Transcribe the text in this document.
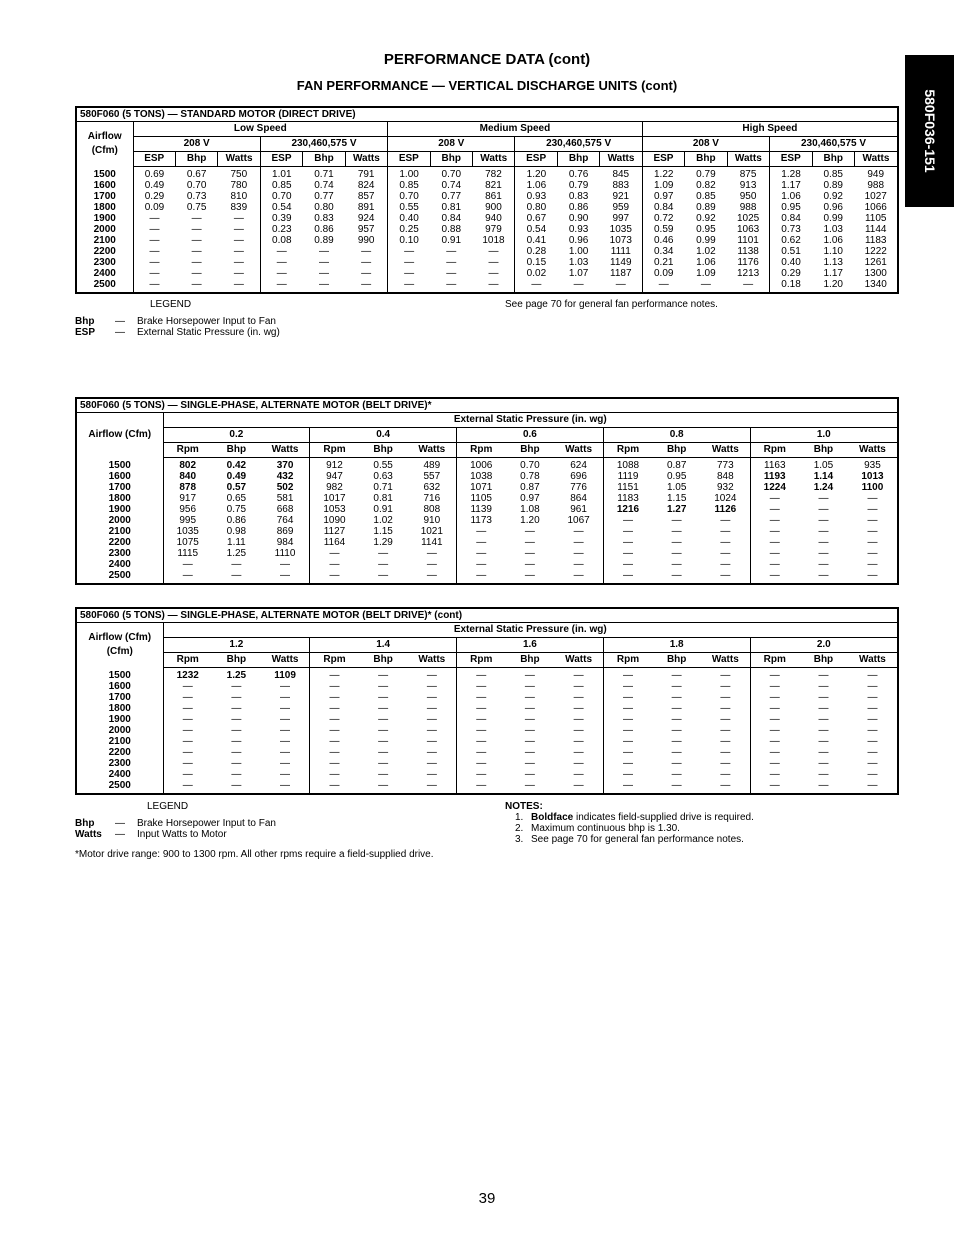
PERFORMANCE DATA (cont)
FAN PERFORMANCE — VERTICAL DISCHARGE UNITS (cont)
580F036-151
580F060 (5 TONS) — STANDARD MOTOR (DIRECT DRIVE)
Airflow (Cfm)	Low Speed						Medium Speed						High Speed					
	208 V			230,460,575 V			208 V			230,460,575 V			208 V			230,460,575 V		
	ESP	Bhp	Watts	ESP	Bhp	Watts	ESP	Bhp	Watts	ESP	Bhp	Watts	ESP	Bhp	Watts	ESP	Bhp	Watts
1500	0.69	0.67	750	1.01	0.71	791	1.00	0.70	782	1.20	0.76	845	1.22	0.79	875	1.28	0.85	949
1600	0.49	0.70	780	0.85	0.74	824	0.85	0.74	821	1.06	0.79	883	1.09	0.82	913	1.17	0.89	988
1700	0.29	0.73	810	0.70	0.77	857	0.70	0.77	861	0.93	0.83	921	0.97	0.85	950	1.06	0.92	1027
1800	0.09	0.75	839	0.54	0.80	891	0.55	0.81	900	0.80	0.86	959	0.84	0.89	988	0.95	0.96	1066
1900	—	—	—	0.39	0.83	924	0.40	0.84	940	0.67	0.90	997	0.72	0.92	1025	0.84	0.99	1105
2000	—	—	—	0.23	0.86	957	0.25	0.88	979	0.54	0.93	1035	0.59	0.95	1063	0.73	1.03	1144
2100	—	—	—	0.08	0.89	990	0.10	0.91	1018	0.41	0.96	1073	0.46	0.99	1101	0.62	1.06	1183
2200	—	—	—	—	—	—	—	—	—	0.28	1.00	1111	0.34	1.02	1138	0.51	1.10	1222
2300	—	—	—	—	—	—	—	—	—	0.15	1.03	1149	0.21	1.06	1176	0.40	1.13	1261
2400	—	—	—	—	—	—	—	—	—	0.02	1.07	1187	0.09	1.09	1213	0.29	1.17	1300
2500	—	—	—	—	—	—	—	—	—	—	—	—	—	—	—	0.18	1.20	1340
LEGEND
Bhp — Brake Horsepower Input to Fan
ESP — External Static Pressure (in. wg)
See page 70 for general fan performance notes.
580F060 (5 TONS) — SINGLE-PHASE, ALTERNATE MOTOR (BELT DRIVE)*
Airflow (Cfm)	External Static Pressure (in. wg)														
	0.2			0.4			0.6			0.8			1.0		
	Rpm	Bhp	Watts	Rpm	Bhp	Watts	Rpm	Bhp	Watts	Rpm	Bhp	Watts	Rpm	Bhp	Watts
1500	802	0.42	370	912	0.55	489	1006	0.70	624	1088	0.87	773	1163	1.05	935
1600	840	0.49	432	947	0.63	557	1038	0.78	696	1119	0.95	848	1193	1.14	1013
1700	878	0.57	502	982	0.71	632	1071	0.87	776	1151	1.05	932	1224	1.24	1100
1800	917	0.65	581	1017	0.81	716	1105	0.97	864	1183	1.15	1024	—	—	—
1900	956	0.75	668	1053	0.91	808	1139	1.08	961	1216	1.27	1126	—	—	—
2000	995	0.86	764	1090	1.02	910	1173	1.20	1067	—	—	—	—	—	—
2100	1035	0.98	869	1127	1.15	1021	—	—	—	—	—	—	—	—	—
2200	1075	1.11	984	1164	1.29	1141	—	—	—	—	—	—	—	—	—
2300	1115	1.25	1110	—	—	—	—	—	—	—	—	—	—	—	—
2400	—	—	—	—	—	—	—	—	—	—	—	—	—	—	—
2500	—	—	—	—	—	—	—	—	—	—	—	—	—	—	—
580F060 (5 TONS) — SINGLE-PHASE, ALTERNATE MOTOR (BELT DRIVE)* (cont)
Airflow (Cfm) (Cfm)	External Static Pressure (in. wg)														
	1.2			1.4			1.6			1.8			2.0		
	Rpm	Bhp	Watts	Rpm	Bhp	Watts	Rpm	Bhp	Watts	Rpm	Bhp	Watts	Rpm	Bhp	Watts
1500	1232	1.25	1109	—	—	—	—	—	—	—	—	—	—	—	—
1600	—	—	—	—	—	—	—	—	—	—	—	—	—	—	—
1700	—	—	—	—	—	—	—	—	—	—	—	—	—	—	—
1800	—	—	—	—	—	—	—	—	—	—	—	—	—	—	—
1900	—	—	—	—	—	—	—	—	—	—	—	—	—	—	—
2000	—	—	—	—	—	—	—	—	—	—	—	—	—	—	—
2100	—	—	—	—	—	—	—	—	—	—	—	—	—	—	—
2200	—	—	—	—	—	—	—	—	—	—	—	—	—	—	—
2300	—	—	—	—	—	—	—	—	—	—	—	—	—	—	—
2400	—	—	—	—	—	—	—	—	—	—	—	—	—	—	—
2500	—	—	—	—	—	—	—	—	—	—	—	—	—	—	—
LEGEND
Bhp — Brake Horsepower Input to Fan
Watts — Input Watts to Motor
*Motor drive range: 900 to 1300 rpm. All other rpms require a field-supplied drive.
NOTES:
1. Boldface indicates field-supplied drive is required.
2. Maximum continuous bhp is 1.30.
3. See page 70 for general fan performance notes.
39
